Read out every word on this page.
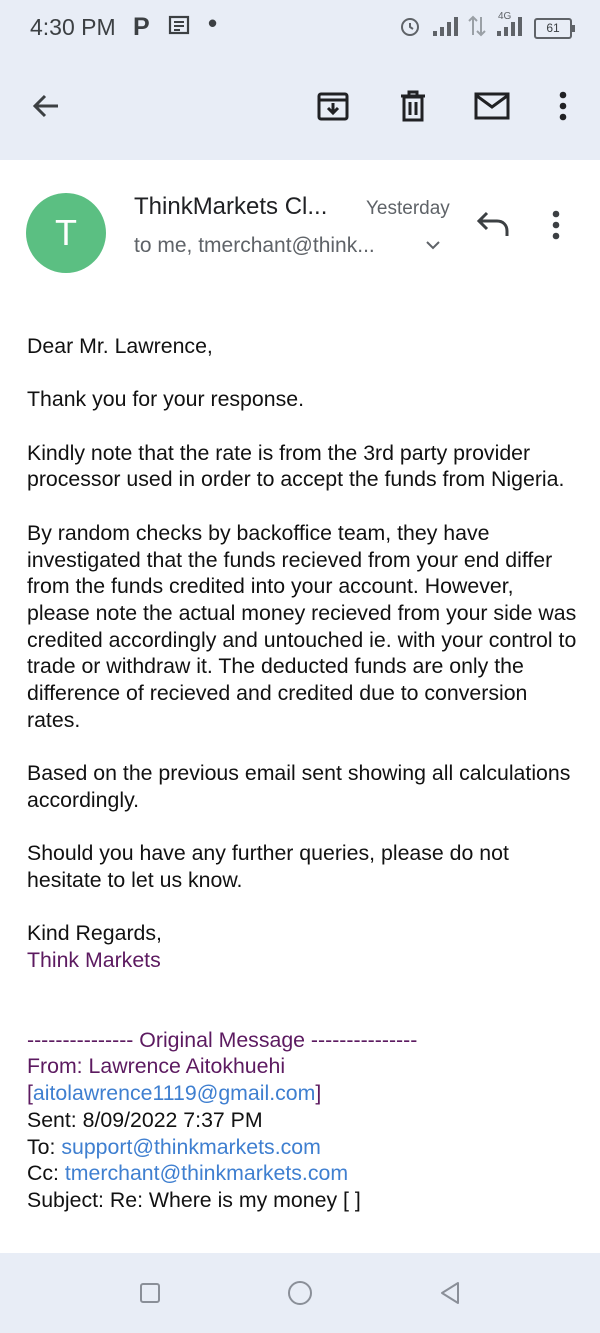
4:30 PM P •	4G
61
T
ThinkMarkets Cl... Yesterday
to me, tmerchant@think...

Dear Mr. Lawrence,

Thank you for your response.

Kindly note that the rate is from the 3rd party provider processor used in order to accept the funds from Nigeria.

By random checks by backoffice team, they have investigated that the funds recieved from your end differ from the funds credited into your account. However, please note the actual money recieved from your side was credited accordingly and untouched ie. with your control to trade or withdraw it. The deducted funds are only the difference of recieved and credited due to conversion rates.

Based on the previous email sent showing all calculations accordingly.

Should you have any further queries, please do not hesitate to let us know.

Kind Regards,
Think Markets
--------------- Original Message ---------------
From: Lawrence Aitokhuehi
[aitolawrence1119@gmail.com]
Sent: 8/09/2022 7:37 PM
To: support@thinkmarkets.com
Cc: tmerchant@thinkmarkets.com
Subject: Re: Where is my money [ ]
